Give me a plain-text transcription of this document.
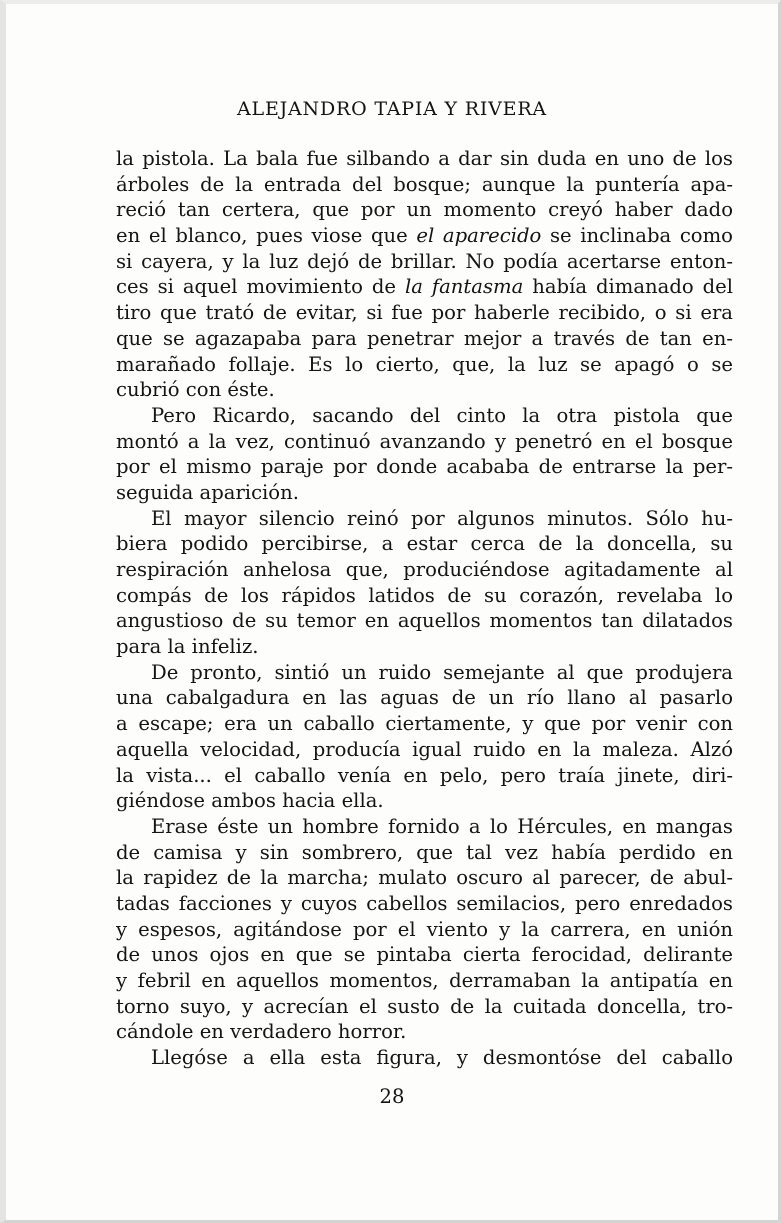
ALEJANDRO TAPIA Y RIVERA
la pistola. La bala fue silbando a dar sin duda en uno de los
árboles de la entrada del bosque; aunque la puntería apa-
reció tan certera, que por un momento creyó haber dado
en el blanco, pues viose que el aparecido se inclinaba como
si cayera, y la luz dejó de brillar. No podía acertarse enton-
ces si aquel movimiento de la fantasma había dimanado del
tiro que trató de evitar, si fue por haberle recibido, o si era
que se agazapaba para penetrar mejor a través de tan en-
marañado follaje. Es lo cierto, que, la luz se apagó o se
cubrió con éste.
Pero Ricardo, sacando del cinto la otra pistola que
montó a la vez, continuó avanzando y penetró en el bosque
por el mismo paraje por donde acababa de entrarse la per-
seguida aparición.
El mayor silencio reinó por algunos minutos. Sólo hu-
biera podido percibirse, a estar cerca de la doncella, su
respiración anhelosa que, produciéndose agitadamente al
compás de los rápidos latidos de su corazón, revelaba lo
angustioso de su temor en aquellos momentos tan dilatados
para la infeliz.
De pronto, sintió un ruido semejante al que produjera
una cabalgadura en las aguas de un río llano al pasarlo
a escape; era un caballo ciertamente, y que por venir con
aquella velocidad, producía igual ruido en la maleza. Alzó
la vista... el caballo venía en pelo, pero traía jinete, diri-
giéndose ambos hacia ella.
Erase éste un hombre fornido a lo Hércules, en mangas
de camisa y sin sombrero, que tal vez había perdido en
la rapidez de la marcha; mulato oscuro al parecer, de abul-
tadas facciones y cuyos cabellos semilacios, pero enredados
y espesos, agitándose por el viento y la carrera, en unión
de unos ojos en que se pintaba cierta ferocidad, delirante
y febril en aquellos momentos, derramaban la antipatía en
torno suyo, y acrecían el susto de la cuitada doncella, tro-
cándole en verdadero horror.
Llegóse a ella esta figura, y desmontóse del caballo
28
